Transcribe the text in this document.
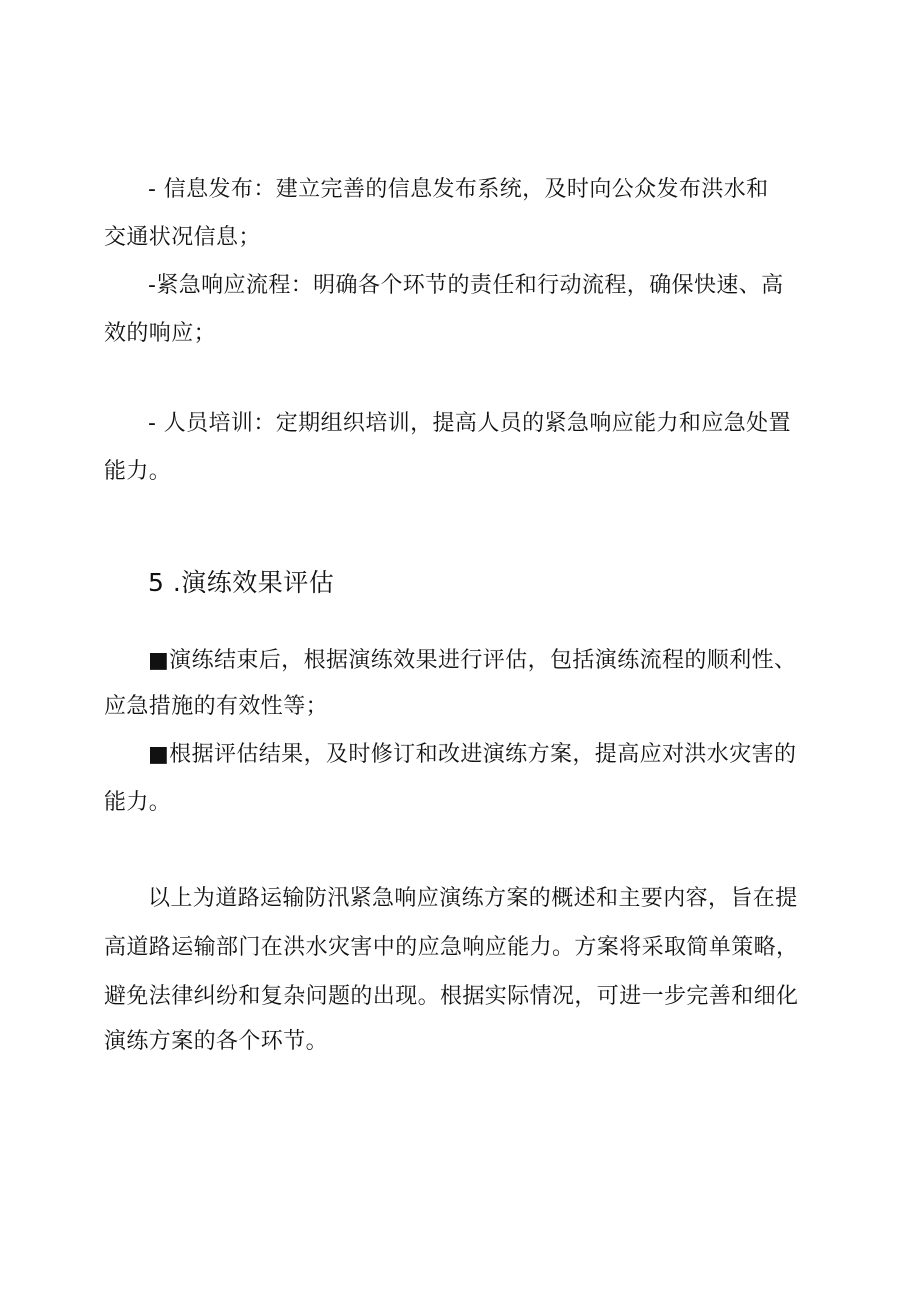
- 信息发布：建立完善的信息发布系统，及时向公众发布洪水和
交通状况信息；
-紧急响应流程：明确各个环节的责任和行动流程，确保快速、高
效的响应；
- 人员培训：定期组织培训，提高人员的紧急响应能力和应急处置
能力。
5 .演练效果评估
■演练结束后，根据演练效果进行评估，包括演练流程的顺利性、
应急措施的有效性等；
■根据评估结果，及时修订和改进演练方案，提高应对洪水灾害的
能力。
以上为道路运输防汛紧急响应演练方案的概述和主要内容，旨在提
高道路运输部门在洪水灾害中的应急响应能力。方案将采取简单策略，
避免法律纠纷和复杂问题的出现。根据实际情况，可进一步完善和细化
演练方案的各个环节。
